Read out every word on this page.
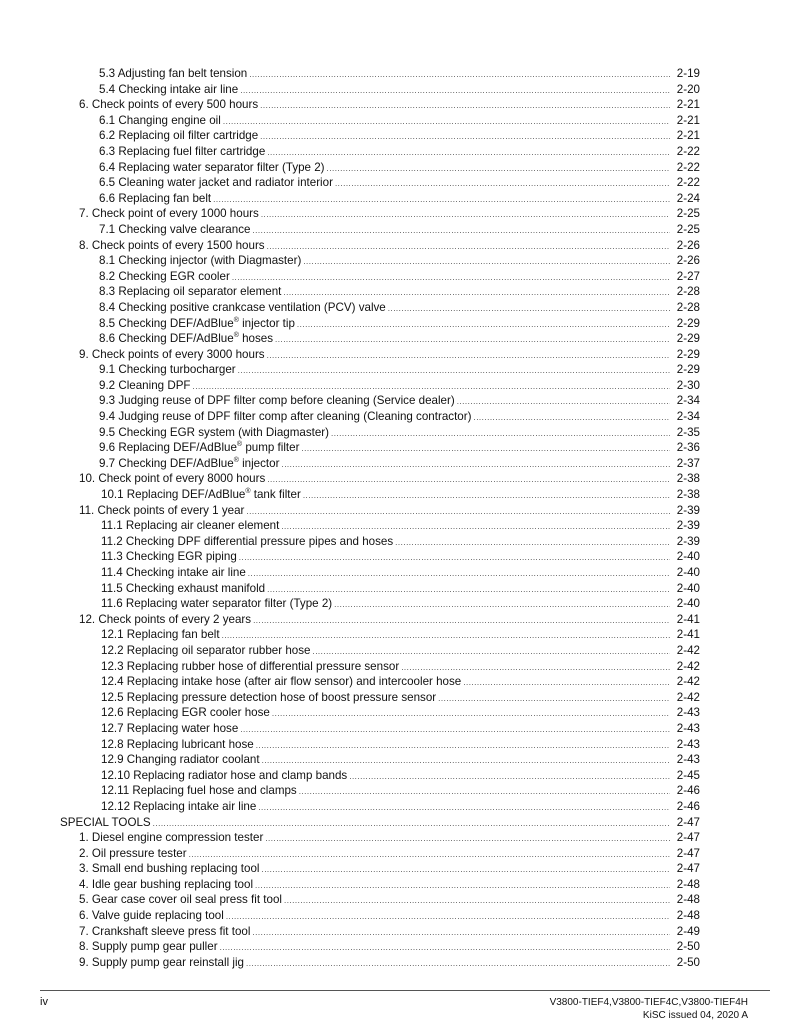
5.3 Adjusting fan belt tension .....	2-19
5.4 Checking intake air line .....	2-20
6. Check points of every 500 hours .....	2-21
6.1 Changing engine oil .....	2-21
6.2 Replacing oil filter cartridge .....	2-21
6.3 Replacing fuel filter cartridge .....	2-22
6.4 Replacing water separator filter (Type 2) .....	2-22
6.5 Cleaning water jacket and radiator interior .....	2-22
6.6 Replacing fan belt .....	2-24
7. Check point of every 1000 hours .....	2-25
7.1 Checking valve clearance .....	2-25
8. Check points of every 1500 hours .....	2-26
8.1 Checking injector (with Diagmaster) .....	2-26
8.2 Checking EGR cooler .....	2-27
8.3 Replacing oil separator element .....	2-28
8.4 Checking positive crankcase ventilation (PCV) valve .....	2-28
8.5 Checking DEF/AdBlue® injector tip .....	2-29
8.6 Checking DEF/AdBlue® hoses .....	2-29
9. Check points of every 3000 hours .....	2-29
9.1 Checking turbocharger .....	2-29
9.2 Cleaning DPF .....	2-30
9.3 Judging reuse of DPF filter comp before cleaning (Service dealer) .....	2-34
9.4 Judging reuse of DPF filter comp after cleaning (Cleaning contractor) .....	2-34
9.5 Checking EGR system (with Diagmaster) .....	2-35
9.6 Replacing DEF/AdBlue® pump filter .....	2-36
9.7 Checking DEF/AdBlue® injector .....	2-37
10. Check point of every 8000 hours .....	2-38
10.1 Replacing DEF/AdBlue® tank filter .....	2-38
11. Check points of every 1 year .....	2-39
11.1 Replacing air cleaner element .....	2-39
11.2 Checking DPF differential pressure pipes and hoses .....	2-39
11.3 Checking EGR piping .....	2-40
11.4 Checking intake air line .....	2-40
11.5 Checking exhaust manifold .....	2-40
11.6 Replacing water separator filter (Type 2) .....	2-40
12. Check points of every 2 years .....	2-41
12.1 Replacing fan belt .....	2-41
12.2 Replacing oil separator rubber hose .....	2-42
12.3 Replacing rubber hose of differential pressure sensor .....	2-42
12.4 Replacing intake hose (after air flow sensor) and intercooler hose .....	2-42
12.5 Replacing pressure detection hose of boost pressure sensor .....	2-42
12.6 Replacing EGR cooler hose .....	2-43
12.7 Replacing water hose .....	2-43
12.8 Replacing lubricant hose .....	2-43
12.9 Changing radiator coolant .....	2-43
12.10 Replacing radiator hose and clamp bands .....	2-45
12.11 Replacing fuel hose and clamps .....	2-46
12.12 Replacing intake air line .....	2-46
SPECIAL TOOLS .....	2-47
1. Diesel engine compression tester .....	2-47
2. Oil pressure tester .....	2-47
3. Small end bushing replacing tool .....	2-47
4. Idle gear bushing replacing tool .....	2-48
5. Gear case cover oil seal press fit tool .....	2-48
6. Valve guide replacing tool .....	2-48
7. Crankshaft sleeve press fit tool .....	2-49
8. Supply pump gear puller .....	2-50
9. Supply pump gear reinstall jig .....	2-50
iv	V3800-TIEF4,V3800-TIEF4C,V3800-TIEF4H
KiSC issued 04, 2020 A
